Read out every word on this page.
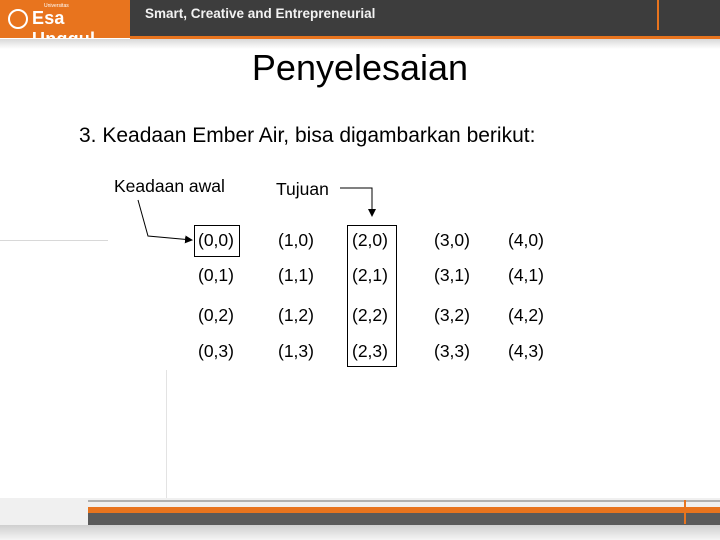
Universitas
Esa	Smart, Creative and Entrepreneurial
Penyelesaian
3. Keadaan Ember Air, bisa digambarkan berikut:
Keadaan awal	Tujuan
(0,0)	(1,0)	(2,0)	(3,0)	(4,0)
(0,1)	(1,1)	(2,1)	(3,1)	(4,1)
(0,2)	(1,2)	(2,2)	(3,2)	(4,2)
(0,3)	(1,3)	(2,3)	(3,3)	(4,3)
